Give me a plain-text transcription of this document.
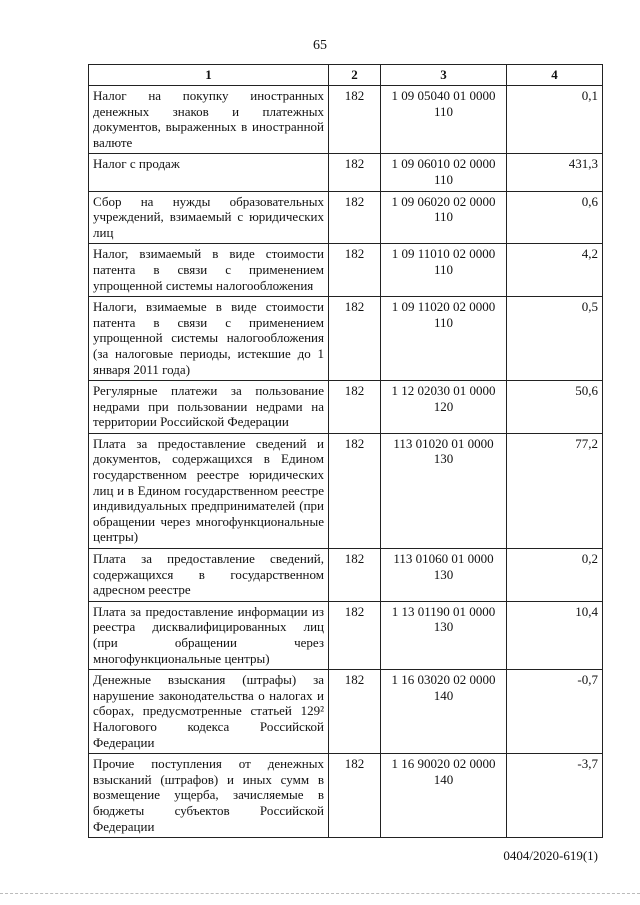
65
1	2	3	4
Налог на покупку иностранных денежных знаков и платежных документов, выраженных в иностранной валюте	182	1 09 05040 01 0000 110	0,1
Налог с продаж	182	1 09 06010 02 0000 110	431,3
Сбор на нужды образовательных учреждений, взимаемый с юридических лиц	182	1 09 06020 02 0000 110	0,6
Налог, взимаемый в виде стоимости патента в связи с применением упрощенной системы налогообложения	182	1 09 11010 02 0000 110	4,2
Налоги, взимаемые в виде стоимости патента в связи с применением упрощенной системы налогообложения (за налоговые периоды, истекшие до 1 января 2011 года)	182	1 09 11020 02 0000 110	0,5
Регулярные платежи за пользование недрами при пользовании недрами на территории Российской Федерации	182	1 12 02030 01 0000 120	50,6
Плата за предоставление сведений и документов, содержащихся в Едином государственном реестре юридических лиц и в Едином государственном реестре индивидуальных предпринимателей (при обращении через многофункциональные центры)	182	113 01020 01 0000 130	77,2
Плата за предоставление сведений, содержащихся в государственном адресном реестре	182	113 01060 01 0000 130	0,2
Плата за предоставление информации из реестра дисквалифицированных лиц (при обращении через многофункциональные центры)	182	1 13 01190 01 0000 130	10,4
Денежные взыскания (штрафы) за нарушение законодательства о налогах и сборах, предусмотренные статьей 129² Налогового кодекса Российской Федерации	182	1 16 03020 02 0000 140	-0,7
Прочие поступления от денежных взысканий (штрафов) и иных сумм в возмещение ущерба, зачисляемые в бюджеты субъектов Российской Федерации	182	1 16 90020 02 0000 140	-3,7
0404/2020-619(1)
